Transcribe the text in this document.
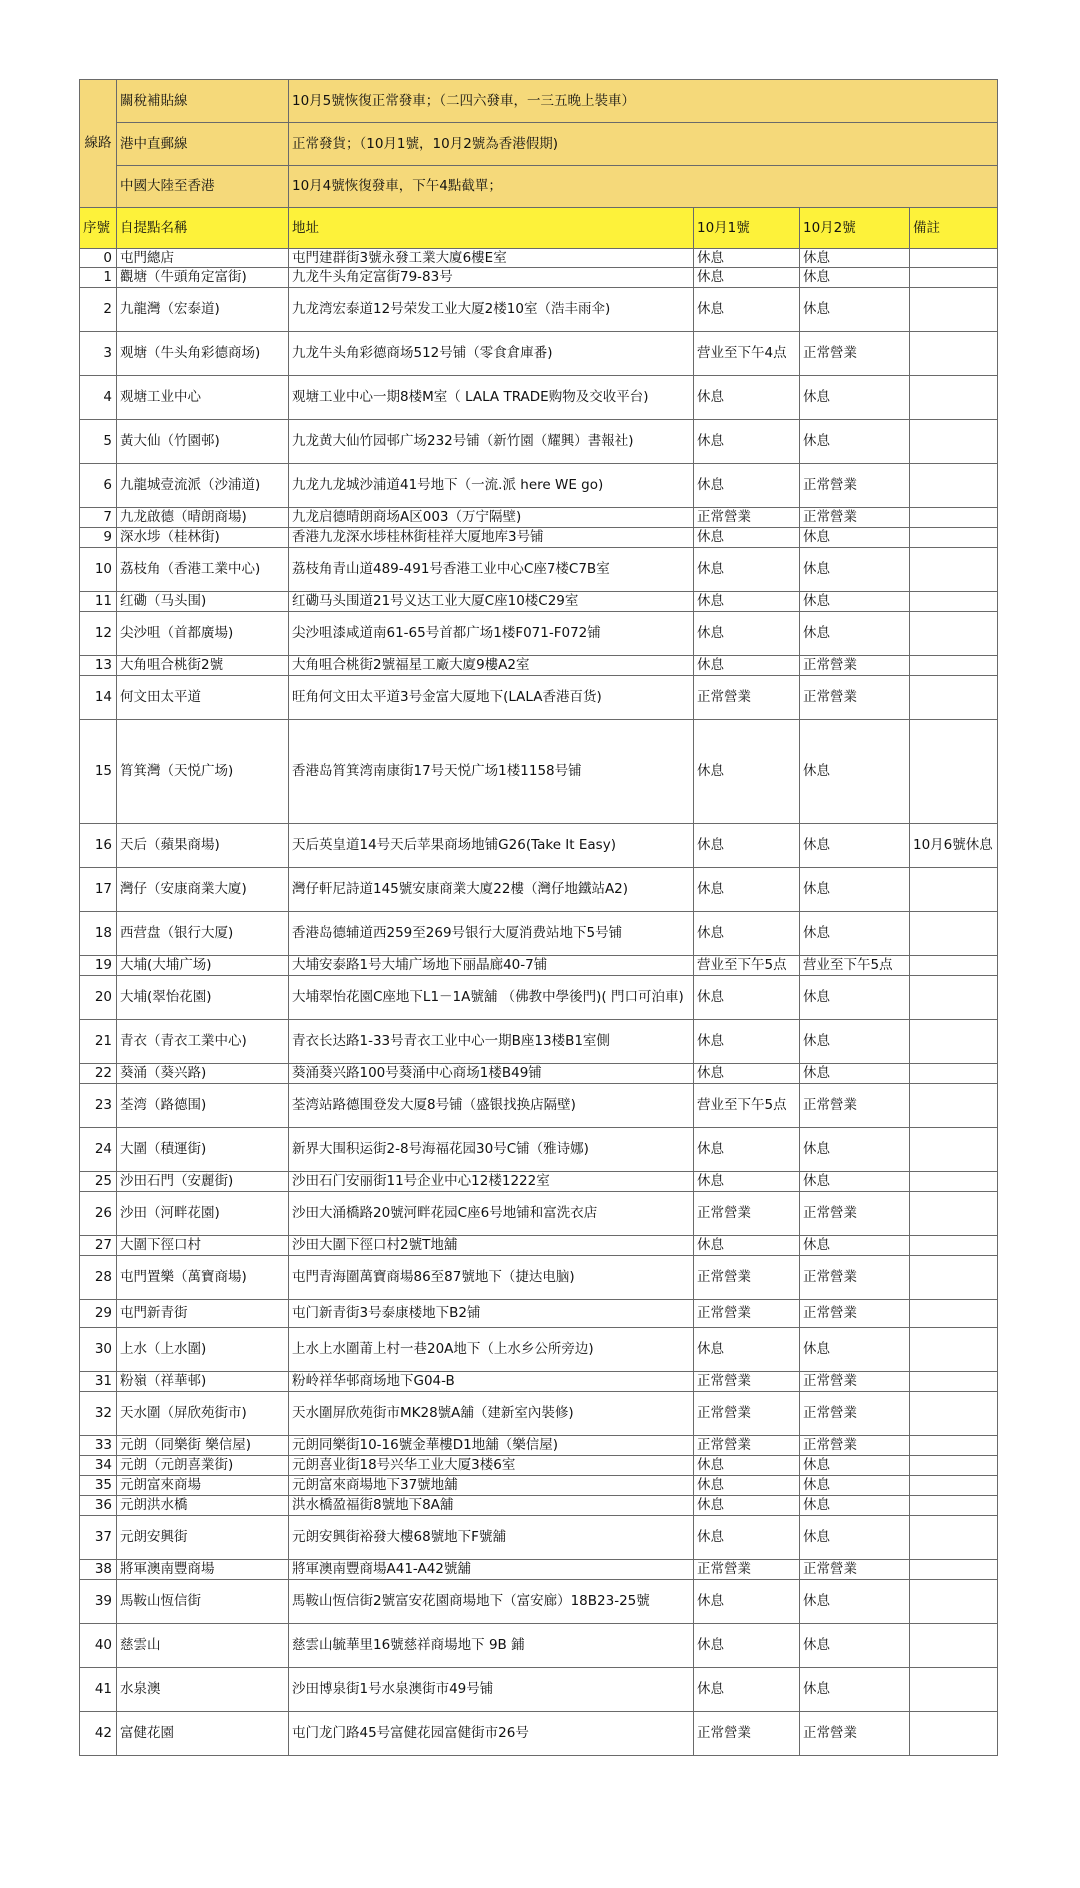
線路	關稅補貼線	10月5號恢復正常發車；（二四六發車，一三五晚上裝車）			
	港中直郵線	正常發貨；（10月1號，10月2號為香港假期)			
	中國大陸至香港	10月4號恢復發車，下午4點截單；			
序號	自提點名稱	地址	10月1號	10月2號	備註
0	屯門總店	屯門建群街3號永發工業大廈6樓E室	休息	休息	
1	觀塘（牛頭角定富街)	九龙牛头角定富街79-83号	休息	休息	
2	九龍灣（宏泰道)	九龙湾宏泰道12号荣发工业大厦2楼10室（浩丰雨伞)	休息	休息	
3	观塘（牛头角彩德商场)	九龙牛头角彩德商场512号铺（零食倉庫番)	营业至下午4点	正常營業	
4	观塘工业中心	观塘工业中心一期8楼M室（ LALA TRADE购物及交收平台)	休息	休息	
5	黃大仙（竹園邨)	九龙黄大仙竹园邨广场232号铺（新竹園（耀興）書報社)	休息	休息	
6	九龍城壹流派（沙浦道)	九龙九龙城沙浦道41号地下（一流.派 here WE go)	休息	正常營業	
7	九龙啟德（晴朗商場)	九龙启德晴朗商场A区003（万宁隔壁)	正常營業	正常營業	
9	深水埗（桂林街)	香港九龙深水埗桂林街桂祥大厦地库3号铺	休息	休息	
10	荔枝角（香港工業中心)	荔枝角青山道489-491号香港工业中心C座7楼C7B室	休息	休息	
11	红磡（马头围)	红磡马头围道21号义达工业大厦C座10楼C29室	休息	休息	
12	尖沙咀（首都廣場)	尖沙咀漆咸道南61-65号首都广场1楼F071-F072铺	休息	休息	
13	大角咀合桃街2號	大角咀合桃街2號福星工廠大廈9樓A2室	休息	正常營業	
14	何文田太平道	旺角何文田太平道3号金富大厦地下(LALA香港百货)	正常營業	正常營業	
15	筲箕灣（天悦广场)	香港岛筲箕湾南康街17号天悦广场1楼1158号铺	休息	休息	
16	天后（蘋果商場)	天后英皇道14号天后苹果商场地铺G26(Take It Easy)	休息	休息	10月6號休息
17	灣仔（安康商業大廈)	灣仔軒尼詩道145號安康商業大廈22樓（灣仔地鐵站A2)	休息	休息	
18	西营盘（银行大厦)	香港岛德辅道西259至269号银行大厦消费站地下5号铺	休息	休息	
19	大埔(大埔广场)	大埔安泰路1号大埔广场地下丽晶廊40-7铺	营业至下午5点	营业至下午5点	
20	大埔(翠怡花園)	大埔翠怡花園C座地下L1－1A號舖 （佛教中學後門)( 門口可泊車)	休息	休息	
21	青衣（青衣工業中心)	青衣长达路1-33号青衣工业中心一期B座13楼B1室側	休息	休息	
22	葵涌（葵兴路)	葵涌葵兴路100号葵涌中心商场1楼B49铺	休息	休息	
23	荃湾（路德围)	荃湾站路德围登发大厦8号铺（盛银找换店隔壁)	营业至下午5点	正常營業	
24	大圍（積運街)	新界大围积运街2-8号海福花园30号C铺（雅诗娜)	休息	休息	
25	沙田石門（安麗街)	沙田石门安丽街11号企业中心12楼1222室	休息	休息	
26	沙田（河畔花園)	沙田大涌橋路20號河畔花园C座6号地铺和富洗衣店	正常營業	正常營業	
27	大圍下徑口村	沙田大圍下徑口村2號T地舖	休息	休息	
28	屯門置樂（萬寶商場)	屯門青海圍萬寶商場86至87號地下（捷达电脑)	正常營業	正常營業	
29	屯門新青街	屯门新青街3号泰康楼地下B2铺	正常營業	正常營業	
30	上水（上水圍)	上水上水圍莆上村一巷20A地下（上水乡公所旁边)	休息	休息	
31	粉嶺（祥華邨)	粉岭祥华邨商场地下G04-B	正常營業	正常營業	
32	天水圍（屏欣苑街市)	天水圍屏欣苑街市MK28號A舖（建新室內裝修)	正常營業	正常營業	
33	元朗（同樂街 樂信屋)	元朗同樂街10-16號金華樓D1地舖（樂信屋)	正常營業	正常營業	
34	元朗（元朗喜業街)	元朗喜业街18号兴华工业大厦3楼6室	休息	休息	
35	元朗富來商場	元朗富來商場地下37號地舖	休息	休息	
36	元朗洪水橋	洪水橋盈福街8號地下8A舖	休息	休息	
37	元朗安興街	元朗安興街裕發大樓68號地下F號舖	休息	休息	
38	將軍澳南豐商場	將軍澳南豐商場A41-A42號舖	正常營業	正常營業	
39	馬鞍山恆信街	馬鞍山恆信街2號富安花園商場地下（富安廊）18B23-25號	休息	休息	
40	慈雲山	慈雲山毓華里16號慈祥商場地下 9B 鋪	休息	休息	
41	水泉澳	沙田博泉街1号水泉澳街市49号铺	休息	休息	
42	富健花園	屯门龙门路45号富健花园富健街市26号	正常營業	正常營業	
